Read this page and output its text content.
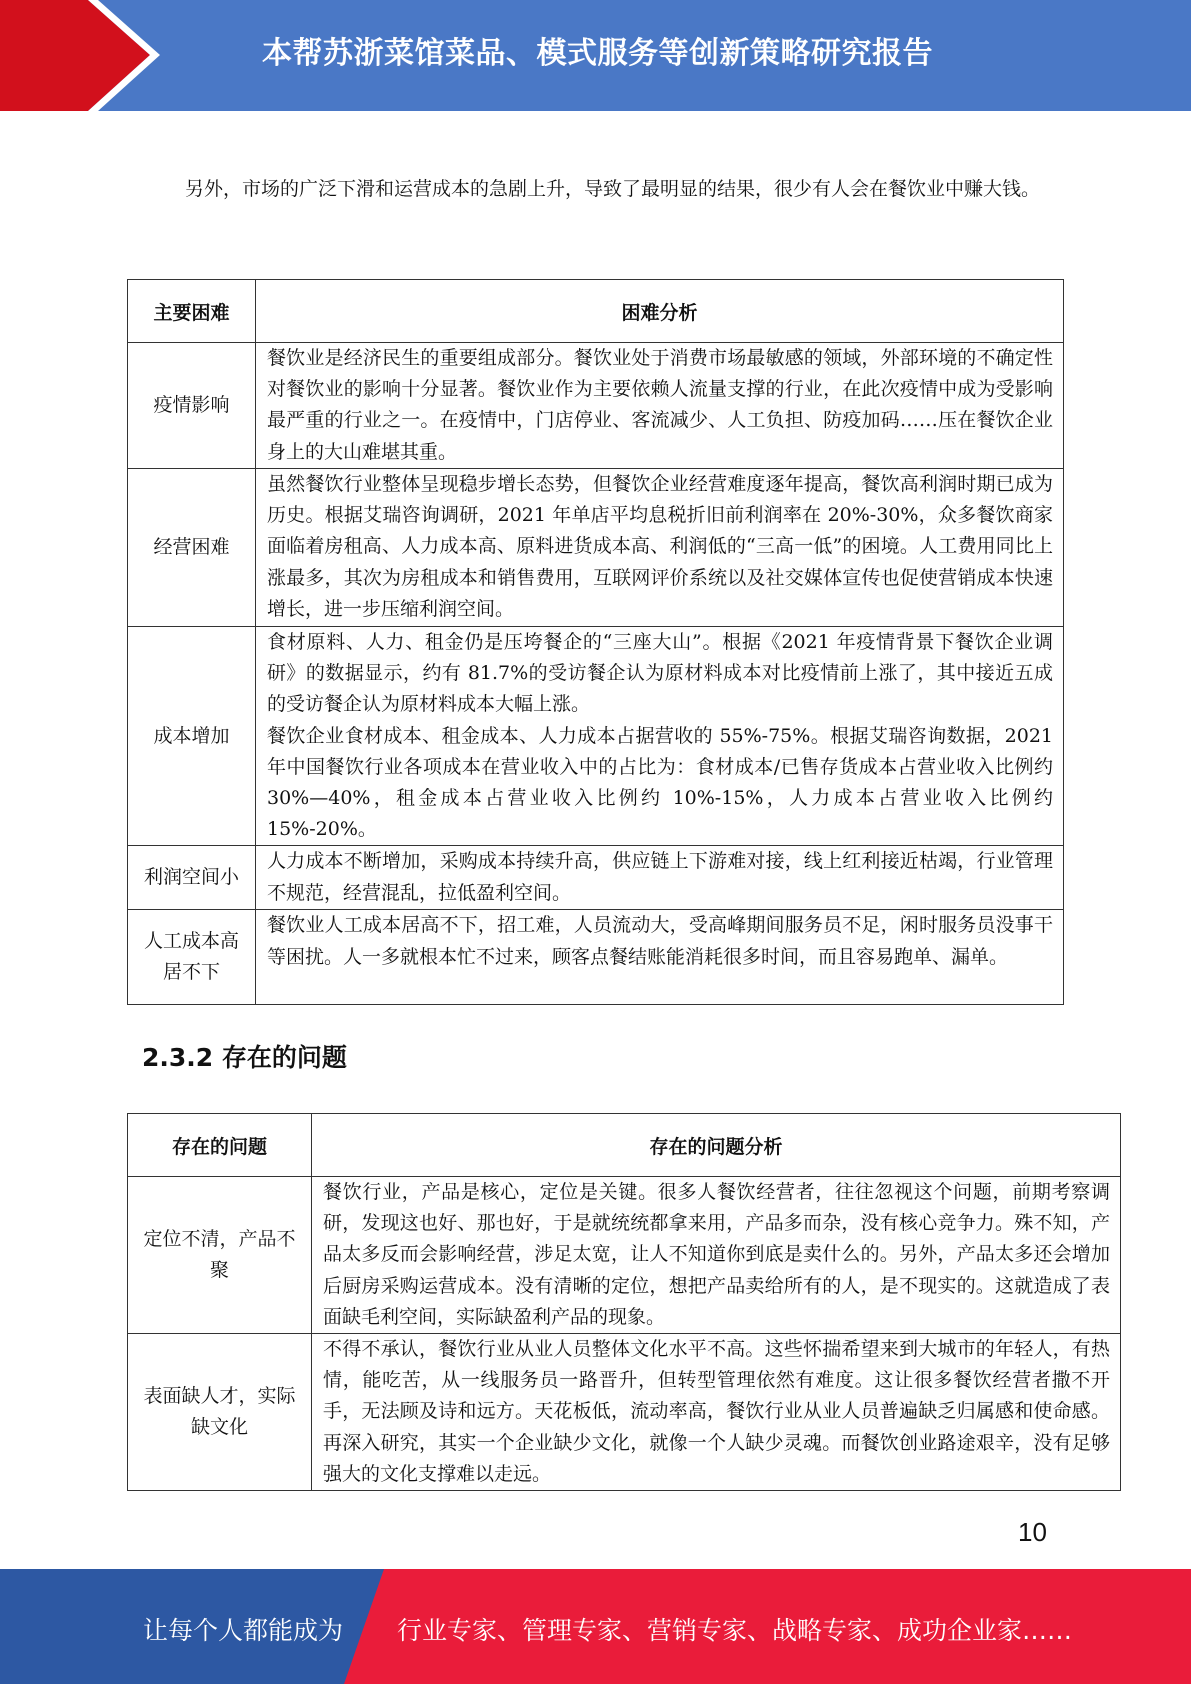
本帮苏浙菜馆菜品、模式服务等创新策略研究报告

另外，市场的广泛下滑和运营成本的急剧上升，导致了最明显的结果，很少有人会在餐饮业中赚大钱。

主要困难	困难分析
疫情影响	餐饮业是经济民生的重要组成部分。餐饮业处于消费市场最敏感的领域，外部环境的不确定性对餐饮业的影响十分显著。餐饮业作为主要依赖人流量支撑的行业，在此次疫情中成为受影响最严重的行业之一。在疫情中，门店停业、客流减少、人工负担、防疫加码……压在餐饮企业身上的大山难堪其重。
经营困难	虽然餐饮行业整体呈现稳步增长态势，但餐饮企业经营难度逐年提高，餐饮高利润时期已成为历史。根据艾瑞咨询调研，2021 年单店平均息税折旧前利润率在 20%-30%，众多餐饮商家面临着房租高、人力成本高、原料进货成本高、利润低的“三高一低”的困境。人工费用同比上涨最多，其次为房租成本和销售费用，互联网评价系统以及社交媒体宣传也促使营销成本快速增长，进一步压缩利润空间。
成本增加	食材原料、人力、租金仍是压垮餐企的“三座大山”。根据《2021 年疫情背景下餐饮企业调研》的数据显示，约有 81.7%的受访餐企认为原材料成本对比疫情前上涨了，其中接近五成的受访餐企认为原材料成本大幅上涨。
餐饮企业食材成本、租金成本、人力成本占据营收的 55%-75%。根据艾瑞咨询数据，2021 年中国餐饮行业各项成本在营业收入中的占比为：食材成本/已售存货成本占营业收入比例约 30%—40%，租金成本占营业收入比例约 10%-15%，人力成本占营业收入比例约 15%-20%。

利润空间小	人力成本不断增加，采购成本持续升高，供应链上下游难对接，线上红利接近枯竭，行业管理不规范，经营混乱，拉低盈利空间。
人工成本高居不下	餐饮业人工成本居高不下，招工难，人员流动大，受高峰期间服务员不足，闲时服务员没事干等困扰。人一多就根本忙不过来，顾客点餐结账能消耗很多时间，而且容易跑单、漏单。
2.3.2 存在的问题
存在的问题	存在的问题分析
定位不清，产品不聚	餐饮行业，产品是核心，定位是关键。很多人餐饮经营者，往往忽视这个问题，前期考察调研，发现这也好、那也好，于是就统统都拿来用，产品多而杂，没有核心竞争力。殊不知，产品太多反而会影响经营，涉足太宽，让人不知道你到底是卖什么的。另外，产品太多还会增加后厨房采购运营成本。没有清晰的定位，想把产品卖给所有的人，是不现实的。这就造成了表面缺毛利空间，实际缺盈利产品的现象。
表面缺人才，实际缺文化	不得不承认，餐饮行业从业人员整体文化水平不高。这些怀揣希望来到大城市的年轻人，有热情，能吃苦，从一线服务员一路晋升，但转型管理依然有难度。这让很多餐饮经营者撒不开手，无法顾及诗和远方。天花板低，流动率高，餐饮行业从业人员普遍缺乏归属感和使命感。再深入研究，其实一个企业缺少文化，就像一个人缺少灵魂。而餐饮创业路途艰辛，没有足够强大的文化支撑难以走远。
10
让每个人都能成为 行业专家、管理专家、营销专家、战略专家、成功企业家……
